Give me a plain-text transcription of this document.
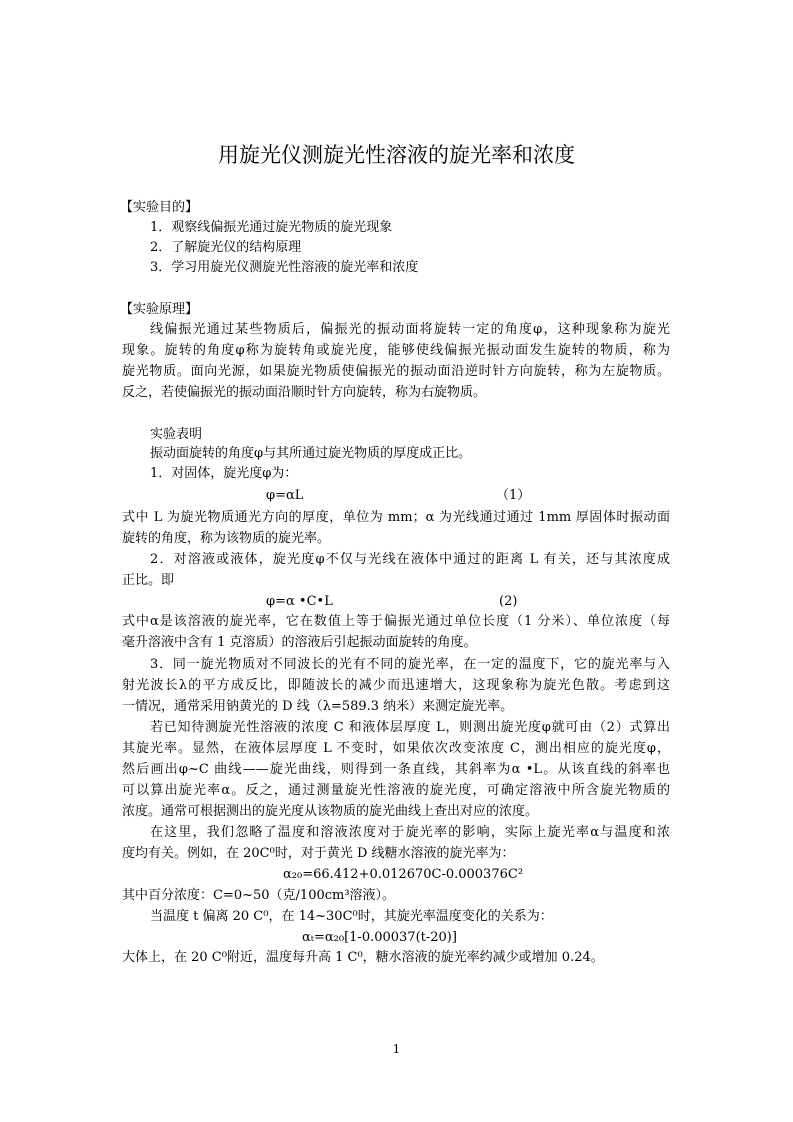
用旋光仪测旋光性溶液的旋光率和浓度
【实验目的】
1．观察线偏振光通过旋光物质的旋光现象
2．了解旋光仪的结构原理
3．学习用旋光仪测旋光性溶液的旋光率和浓度
【实验原理】
线偏振光通过某些物质后，偏振光的振动面将旋转一定的角度φ，这种现象称为旋光
现象。旋转的角度φ称为旋转角或旋光度，能够使线偏振光振动面发生旋转的物质，称为
旋光物质。面向光源，如果旋光物质使偏振光的振动面沿逆时针方向旋转，称为左旋物质。
反之，若使偏振光的振动面沿顺时针方向旋转，称为右旋物质。
实验表明
振动面旋转的角度φ与其所通过旋光物质的厚度成正比。
1．对固体，旋光度φ为：
φ=αL	（1）
式中 L 为旋光物质通光方向的厚度，单位为 mm；α 为光线通过通过 1mm 厚固体时振动面
旋转的角度，称为该物质的旋光率。
2．对溶液或液体，旋光度φ不仅与光线在液体中通过的距离 L 有关，还与其浓度成
正比。即
φ=α •C•L	(2)
式中α是该溶液的旋光率，它在数值上等于偏振光通过单位长度（1 分米）、单位浓度（每
毫升溶液中含有 1 克溶质）的溶液后引起振动面旋转的角度。
3．同一旋光物质对不同波长的光有不同的旋光率，在一定的温度下，它的旋光率与入
射光波长λ的平方成反比，即随波长的减少而迅速增大，这现象称为旋光色散。考虑到这
一情况，通常采用钠黄光的 D 线（λ=589.3 纳米）来测定旋光率。
若已知待测旋光性溶液的浓度 C 和液体层厚度 L，则测出旋光度φ就可由（2）式算出
其旋光率。显然，在液体层厚度 L 不变时，如果依次改变浓度 C，测出相应的旋光度φ，
然后画出φ~C 曲线——旋光曲线，则得到一条直线，其斜率为α •L。从该直线的斜率也
可以算出旋光率α。反之，通过测量旋光性溶液的旋光度，可确定溶液中所含旋光物质的
浓度。通常可根据测出的旋光度从该物质的旋光曲线上查出对应的浓度。
在这里，我们忽略了温度和溶液浓度对于旋光率的影响，实际上旋光率α与温度和浓
度均有关。例如，在 20C⁰时，对于黄光 D 线糖水溶液的旋光率为：
α₂₀=66.412+0.012670C-0.000376C²
其中百分浓度：C=0~50（克/100cm³溶液）。
当温度 t 偏离 20 C⁰，在 14~30C⁰时，其旋光率温度变化的关系为：
αₜ=α₂₀[1-0.00037(t-20)]
大体上，在 20 C⁰附近，温度每升高 1 C⁰，糖水溶液的旋光率约减少或增加 0.24。
1
